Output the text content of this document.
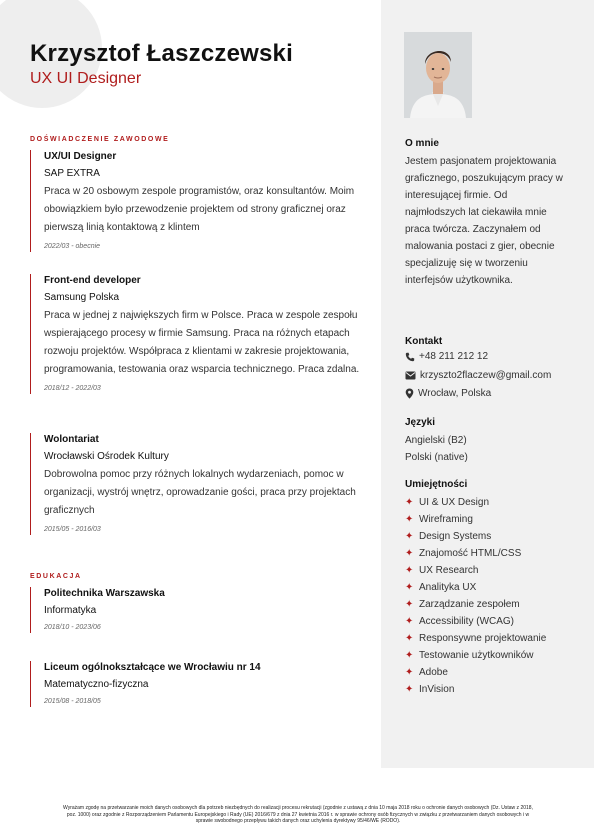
Krzysztof Łaszczewski
UX UI Designer
DOŚWIADCZENIE ZAWODOWE
UX/UI Designer
SAP EXTRA
Praca w 20 osbowym zespole programistów, oraz konsultantów. Moim obowiązkiem było przewodzenie projektem od strony graficznej oraz pierwszą linią kontaktową z klintem
2022/03 - obecnie
Front-end developer
Samsung Polska
Praca w jednej z największych firm w Polsce. Praca w zespole zespołu wspierającego procesy w firmie Samsung. Praca na różnych etapach rozwoju projektów. Współpraca z klientami w zakresie projektowania, programowania, testowania oraz wsparcia technicznego. Praca zdalna.
2018/12 - 2022/03
Wolontariat
Wrocławski Ośrodek Kultury
Dobrowolna pomoc przy różnych lokalnych wydarzeniach, pomoc w organizacji, wystrój wnętrz, oprowadzanie gości, praca przy projektach graficznych
2015/05 - 2016/03
EDUKACJA
Politechnika Warszawska
Informatyka
2018/10 - 2023/06
Liceum ogólnokształcące we Wrocławiu nr 14
Matematyczno-fizyczna
2015/08 - 2018/05
O mnie
Jestem pasjonatem projektowania graficznego, poszukującym pracy w interesującej firmie. Od najmłodszych lat ciekawiła mnie praca twórcza. Zaczynałem od malowania postaci z gier, obecnie specjalizuję się w tworzeniu interfejsów użytkownika.
Kontakt
+48 211 212 12
krzyszto2flaczew@gmail.com
Wrocław, Polska
Języki
Angielski (B2)
Polski (native)
Umiejętności
✦ UI & UX Design
✦ Wireframing
✦ Design Systems
✦ Znajomość HTML/CSS
✦ UX Research
✦ Analityka UX
✦ Zarządzanie zespołem
✦ Accessibility (WCAG)
✦ Responsywne projektowanie
✦ Testowanie użytkowników
✦ Adobe
✦ InVision
Wyrażam zgodę na przetwarzanie moich danych osobowych dla potrzeb niezbędnych do realizacji procesu rekrutacji (zgodnie z ustawą z dnia 10 maja 2018 roku o ochronie danych osobowych (Dz. Ustaw z 2018, poz. 1000) oraz zgodnie z Rozporządzeniem Parlamentu Europejskiego i Rady (UE) 2016/679 z dnia 27 kwietnia 2016 r. w sprawie ochrony osób fizycznych w związku z przetwarzaniem danych osobowych i w sprawie swobodnego przepływu takich danych oraz uchylenia dyrektywy 95/46/WE (RODO).
